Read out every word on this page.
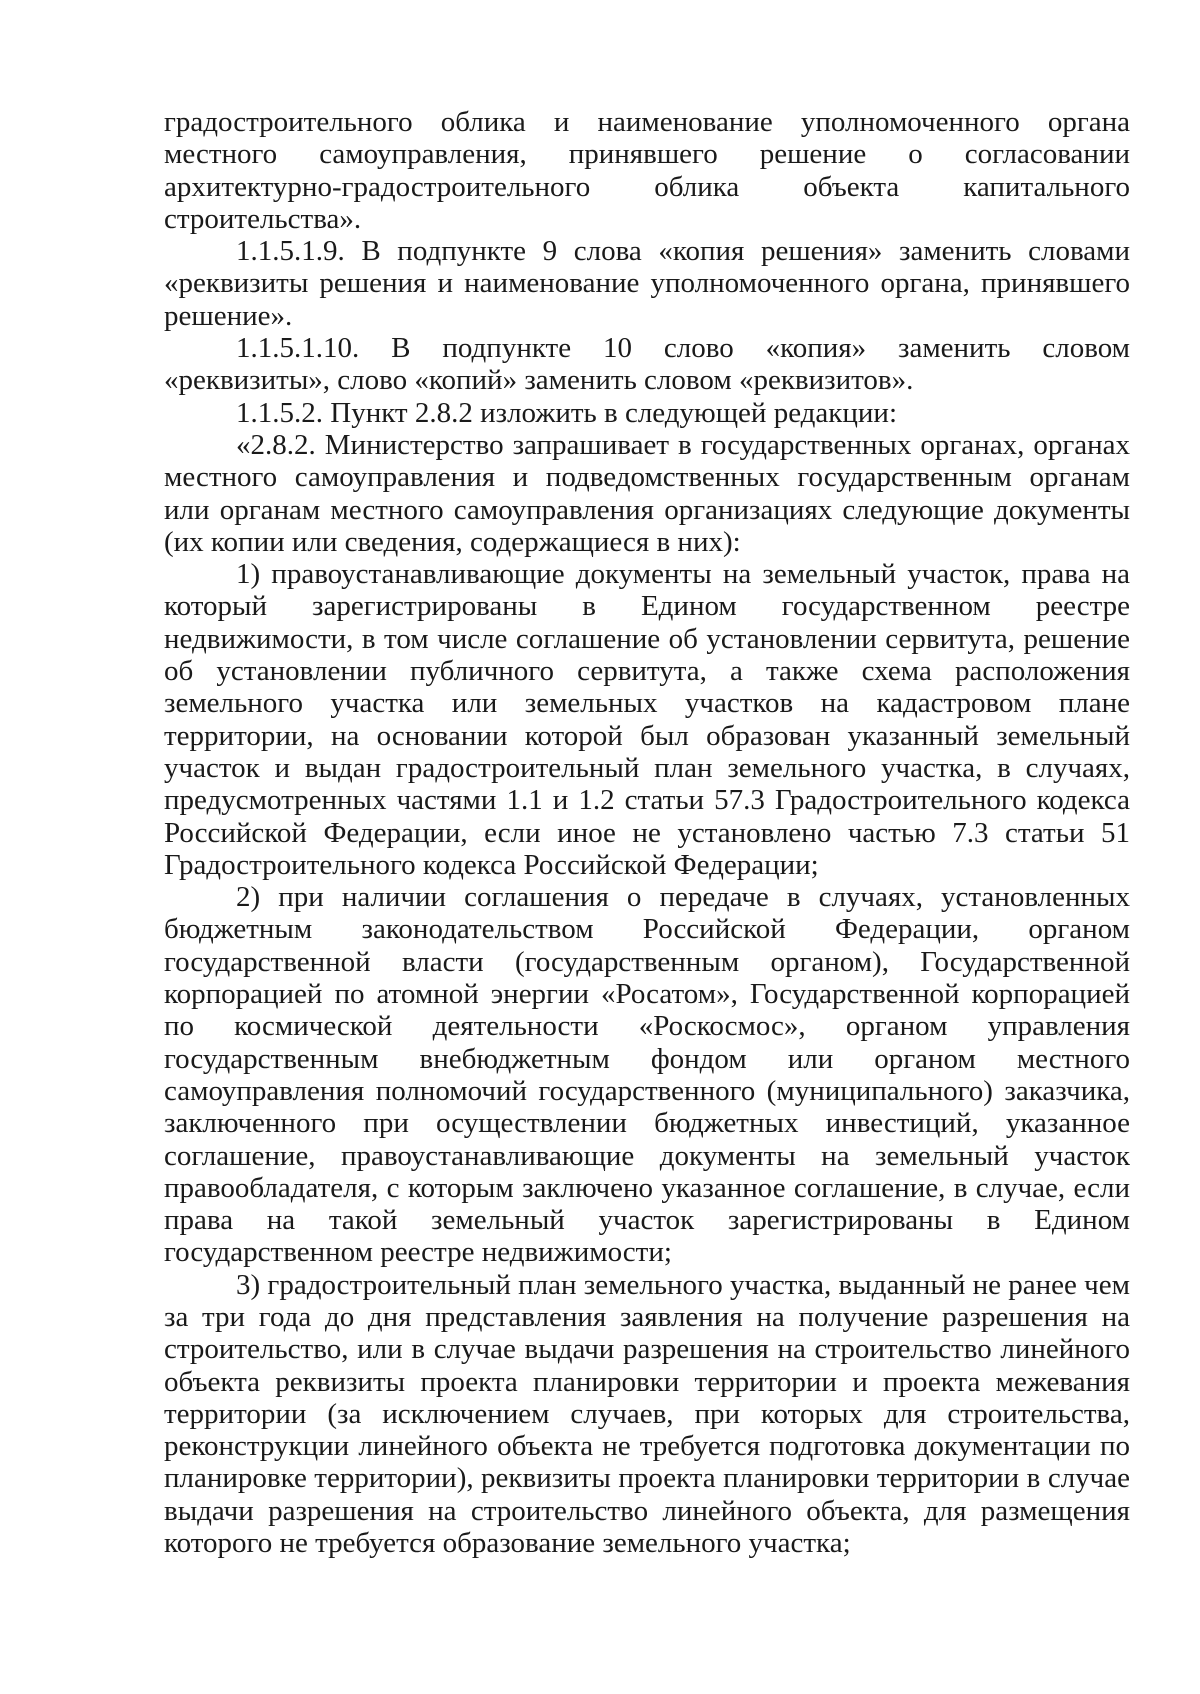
градостроительного облика и наименование уполномоченного органа местного самоуправления, принявшего решение о согласовании архитектурно-градостроительного облика объекта капитального строительства».

1.1.5.1.9. В подпункте 9 слова «копия решения» заменить словами «реквизиты решения и наименование уполномоченного органа, принявшего решение».

1.1.5.1.10. В подпункте 10 слово «копия» заменить словом «реквизиты», слово «копий» заменить словом «реквизитов».

1.1.5.2. Пункт 2.8.2 изложить в следующей редакции:

«2.8.2. Министерство запрашивает в государственных органах, органах местного самоуправления и подведомственных государственным органам или органам местного самоуправления организациях следующие документы (их копии или сведения, содержащиеся в них):

1) правоустанавливающие документы на земельный участок, права на который зарегистрированы в Едином государственном реестре недвижимости, в том числе соглашение об установлении сервитута, решение об установлении публичного сервитута, а также схема расположения земельного участка или земельных участков на кадастровом плане территории, на основании которой был образован указанный земельный участок и выдан градостроительный план земельного участка, в случаях, предусмотренных частями 1.1 и 1.2 статьи 57.3 Градостроительного кодекса Российской Федерации, если иное не установлено частью 7.3 статьи 51 Градостроительного кодекса Российской Федерации;

2) при наличии соглашения о передаче в случаях, установленных бюджетным законодательством Российской Федерации, органом государственной власти (государственным органом), Государственной корпорацией по атомной энергии «Росатом», Государственной корпорацией по космической деятельности «Роскосмос», органом управления государственным внебюджетным фондом или органом местного самоуправления полномочий государственного (муниципального) заказчика, заключенного при осуществлении бюджетных инвестиций, указанное соглашение, правоустанавливающие документы на земельный участок правообладателя, с которым заключено указанное соглашение, в случае, если права на такой земельный участок зарегистрированы в Едином государственном реестре недвижимости;

3) градостроительный план земельного участка, выданный не ранее чем за три года до дня представления заявления на получение разрешения на строительство, или в случае выдачи разрешения на строительство линейного объекта реквизиты проекта планировки территории и проекта межевания территории (за исключением случаев, при которых для строительства, реконструкции линейного объекта не требуется подготовка документации по планировке территории), реквизиты проекта планировки территории в случае выдачи разрешения на строительство линейного объекта, для размещения которого не требуется образование земельного участка;
